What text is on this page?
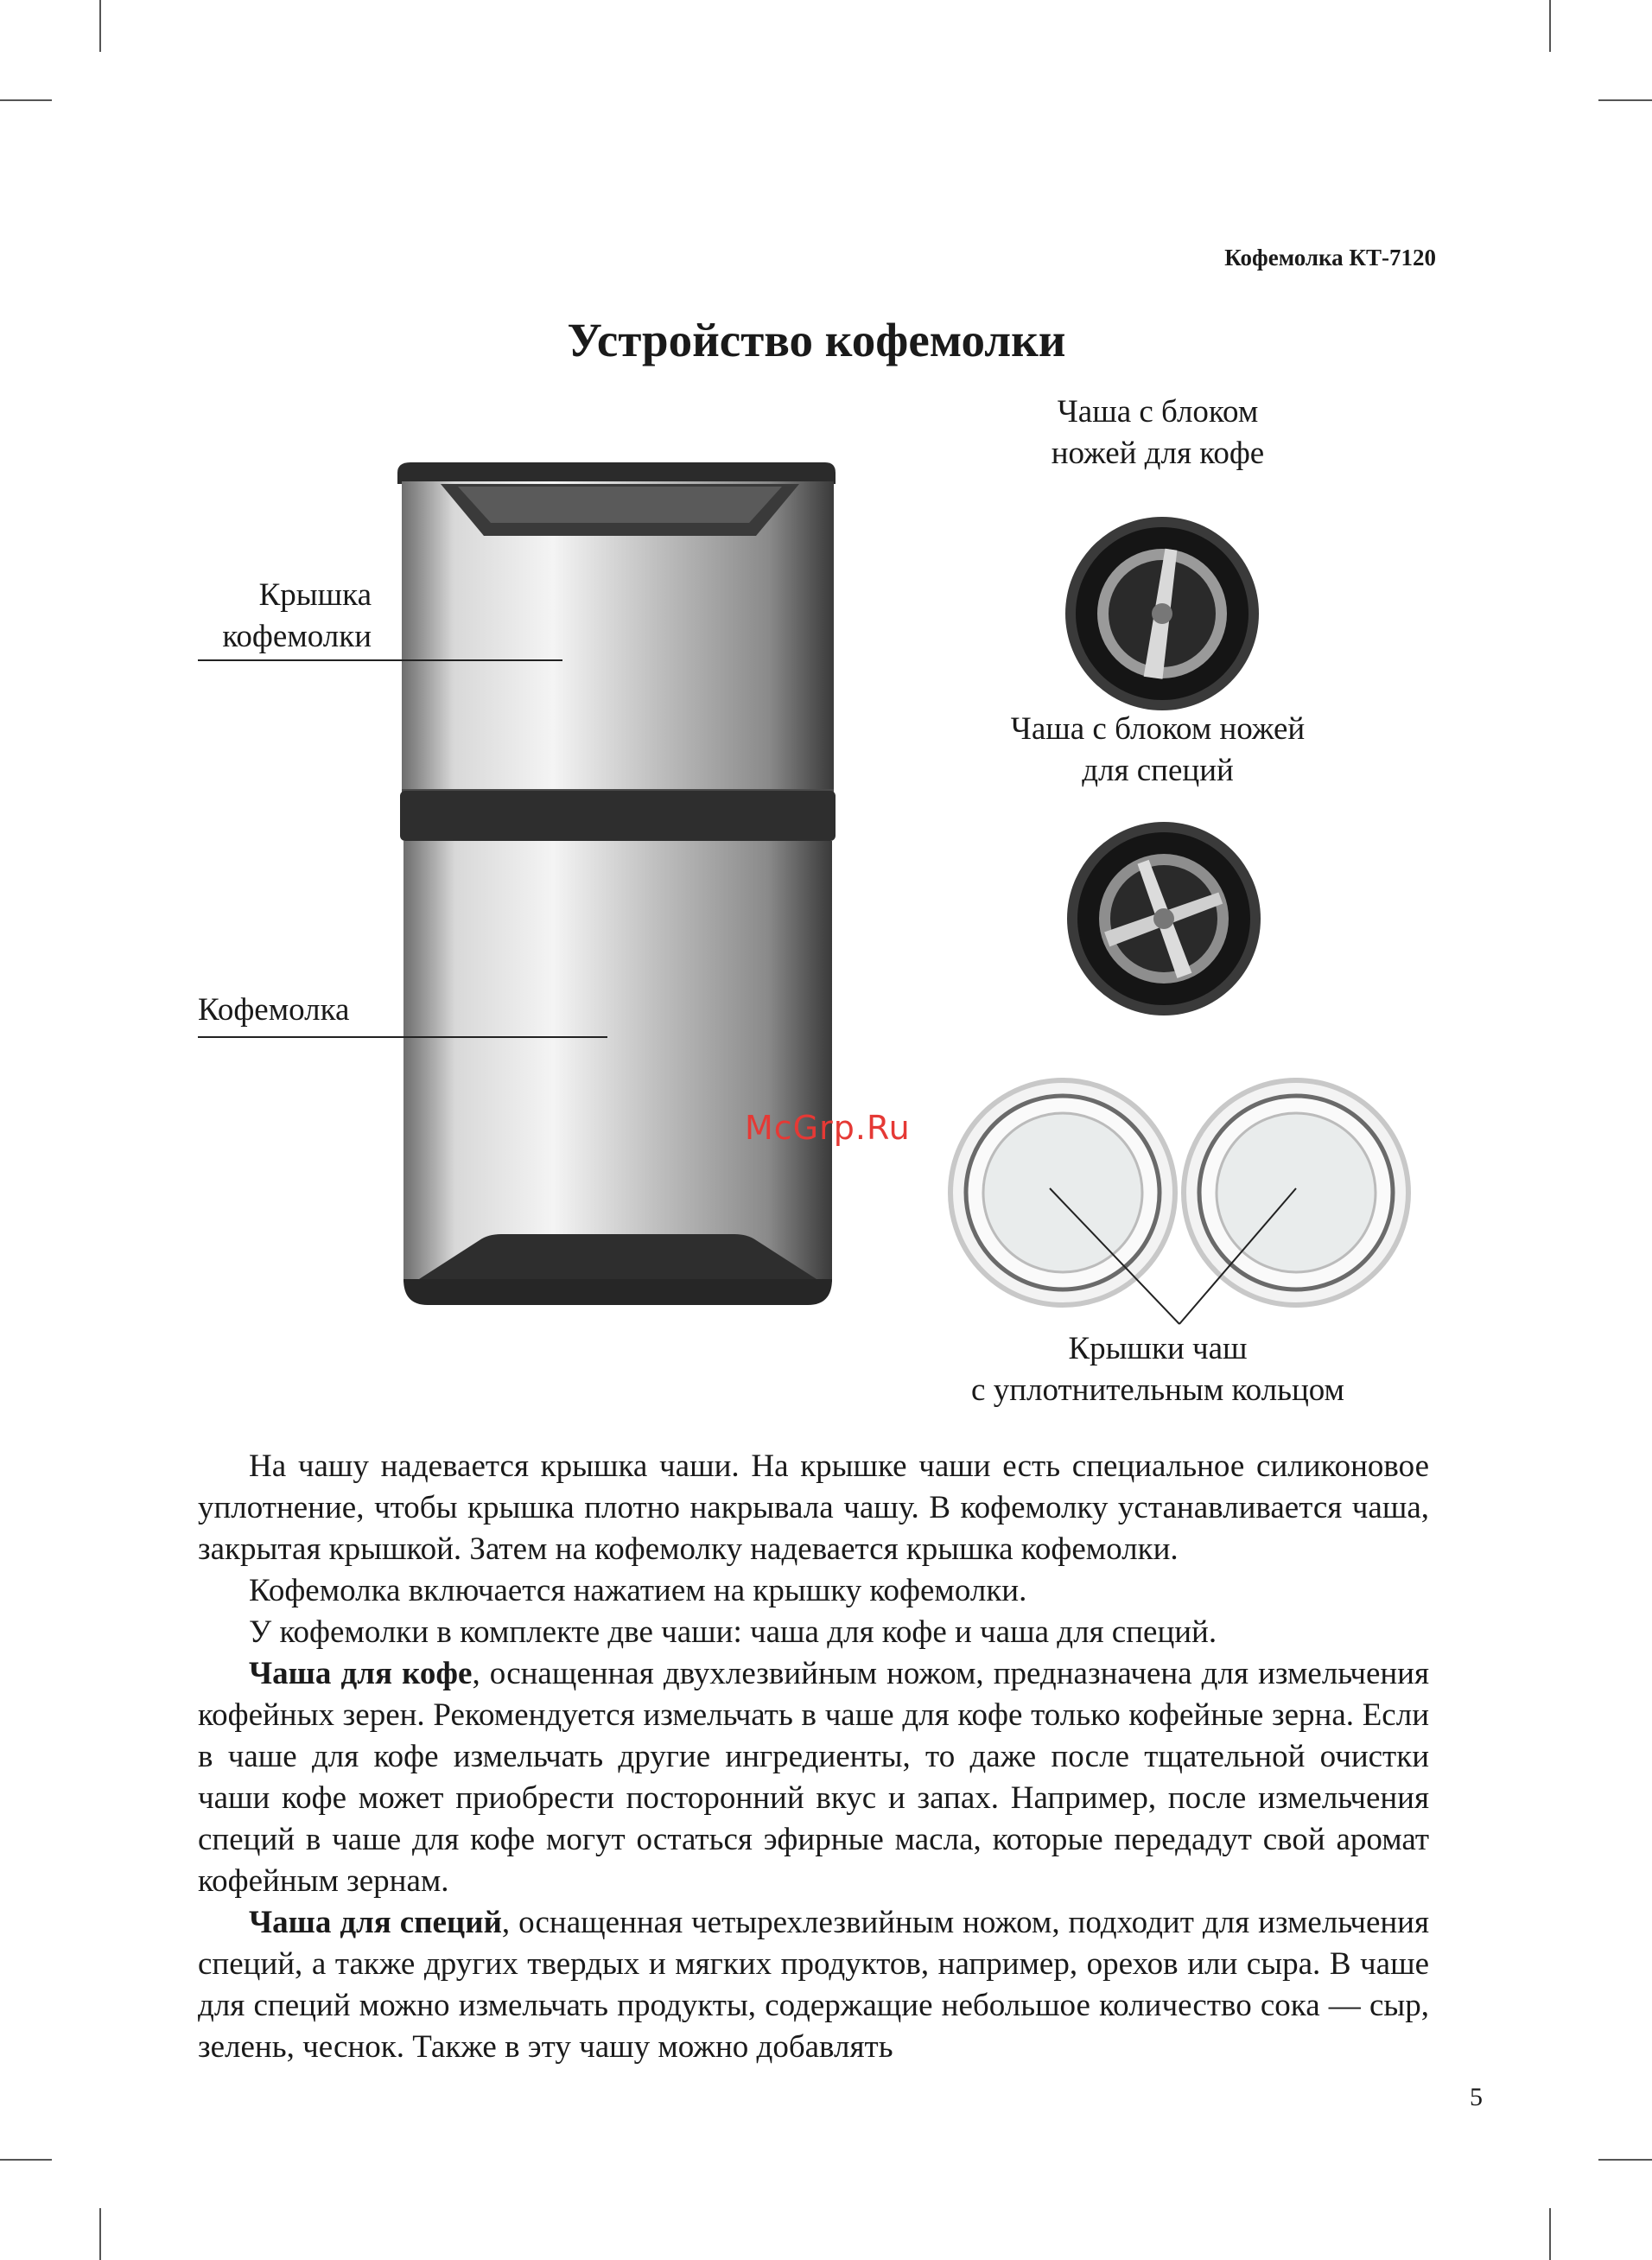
Кофемолка КТ-7120
Устройство кофемолки
Крышка
кофемолки
Кофемолка
Чаша с блоком
ножей для кофе
Чаша с блоком ножей
для специй
McGrp.Ru
Крышки чаш
с уплотнительным кольцом

На чашу надевается крышка чаши. На крышке чаши есть специальное силиконовое уплотнение, чтобы крышка плотно накрывала чашу. В кофемолку устанавливается чаша, закрытая крышкой. Затем на кофемолку надевается крышка кофемолки.

Кофемолка включается нажатием на крышку кофемолки.

У кофемолки в комплекте две чаши: чаша для кофе и чаша для специй.

Чаша для кофе, оснащенная двухлезвийным ножом, предназначена для измельчения кофейных зерен. Рекомендуется измельчать в чаше для кофе только кофейные зерна. Если в чаше для кофе измельчать другие ингредиенты, то даже после тщательной очистки чаши кофе может приобрести посторонний вкус и запах. Например, после измельчения специй в чаше для кофе могут остаться эфирные масла, которые передадут свой аромат кофейным зернам.

Чаша для специй, оснащенная четырехлезвийным ножом, подходит для измельчения специй, а также других твердых и мягких продуктов, например, орехов или сыра. В чаше для специй можно измельчать продукты, содержащие небольшое количество сока — сыр, зелень, чеснок. Также в эту чашу можно добавлять

5
